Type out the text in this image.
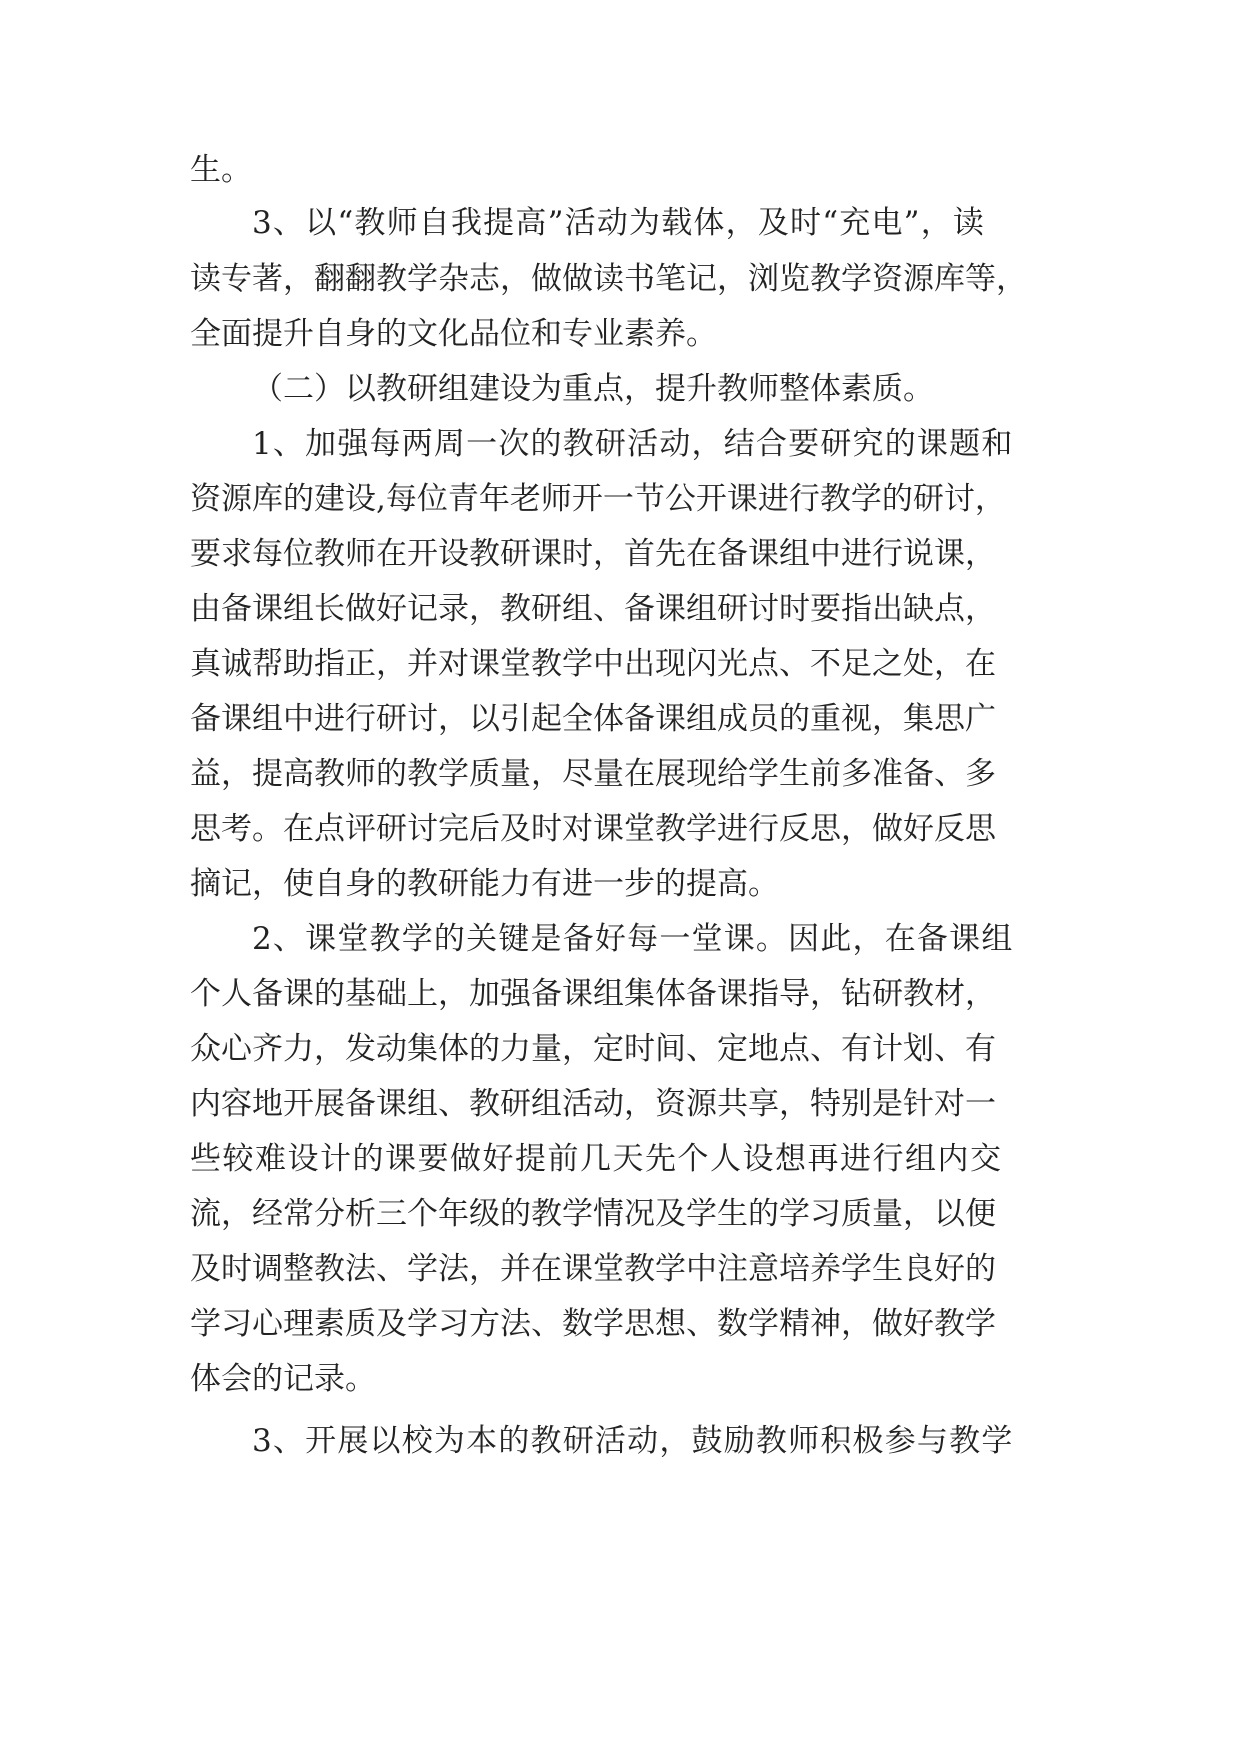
生。
3、以“教师自我提高”活动为载体，及时“充电”，读
读专著，翻翻教学杂志，做做读书笔记，浏览教学资源库等，
全面提升自身的文化品位和专业素养。
（二）以教研组建设为重点，提升教师整体素质。
1、加强每两周一次的教研活动，结合要研究的课题和
资源库的建设,每位青年老师开一节公开课进行教学的研讨，
要求每位教师在开设教研课时，首先在备课组中进行说课，
由备课组长做好记录，教研组、备课组研讨时要指出缺点，
真诚帮助指正，并对课堂教学中出现闪光点、不足之处，在
备课组中进行研讨，以引起全体备课组成员的重视，集思广
益，提高教师的教学质量，尽量在展现给学生前多准备、多
思考。在点评研讨完后及时对课堂教学进行反思，做好反思
摘记，使自身的教研能力有进一步的提高。
2、课堂教学的关键是备好每一堂课。因此，在备课组
个人备课的基础上，加强备课组集体备课指导，钻研教材，
众心齐力，发动集体的力量，定时间、定地点、有计划、有
内容地开展备课组、教研组活动，资源共享，特别是针对一
些较难设计的课要做好提前几天先个人设想再进行组内交
流，经常分析三个年级的教学情况及学生的学习质量，以便
及时调整教法、学法，并在课堂教学中注意培养学生良好的
学习心理素质及学习方法、数学思想、数学精神，做好教学
体会的记录。
3、开展以校为本的教研活动，鼓励教师积极参与教学
